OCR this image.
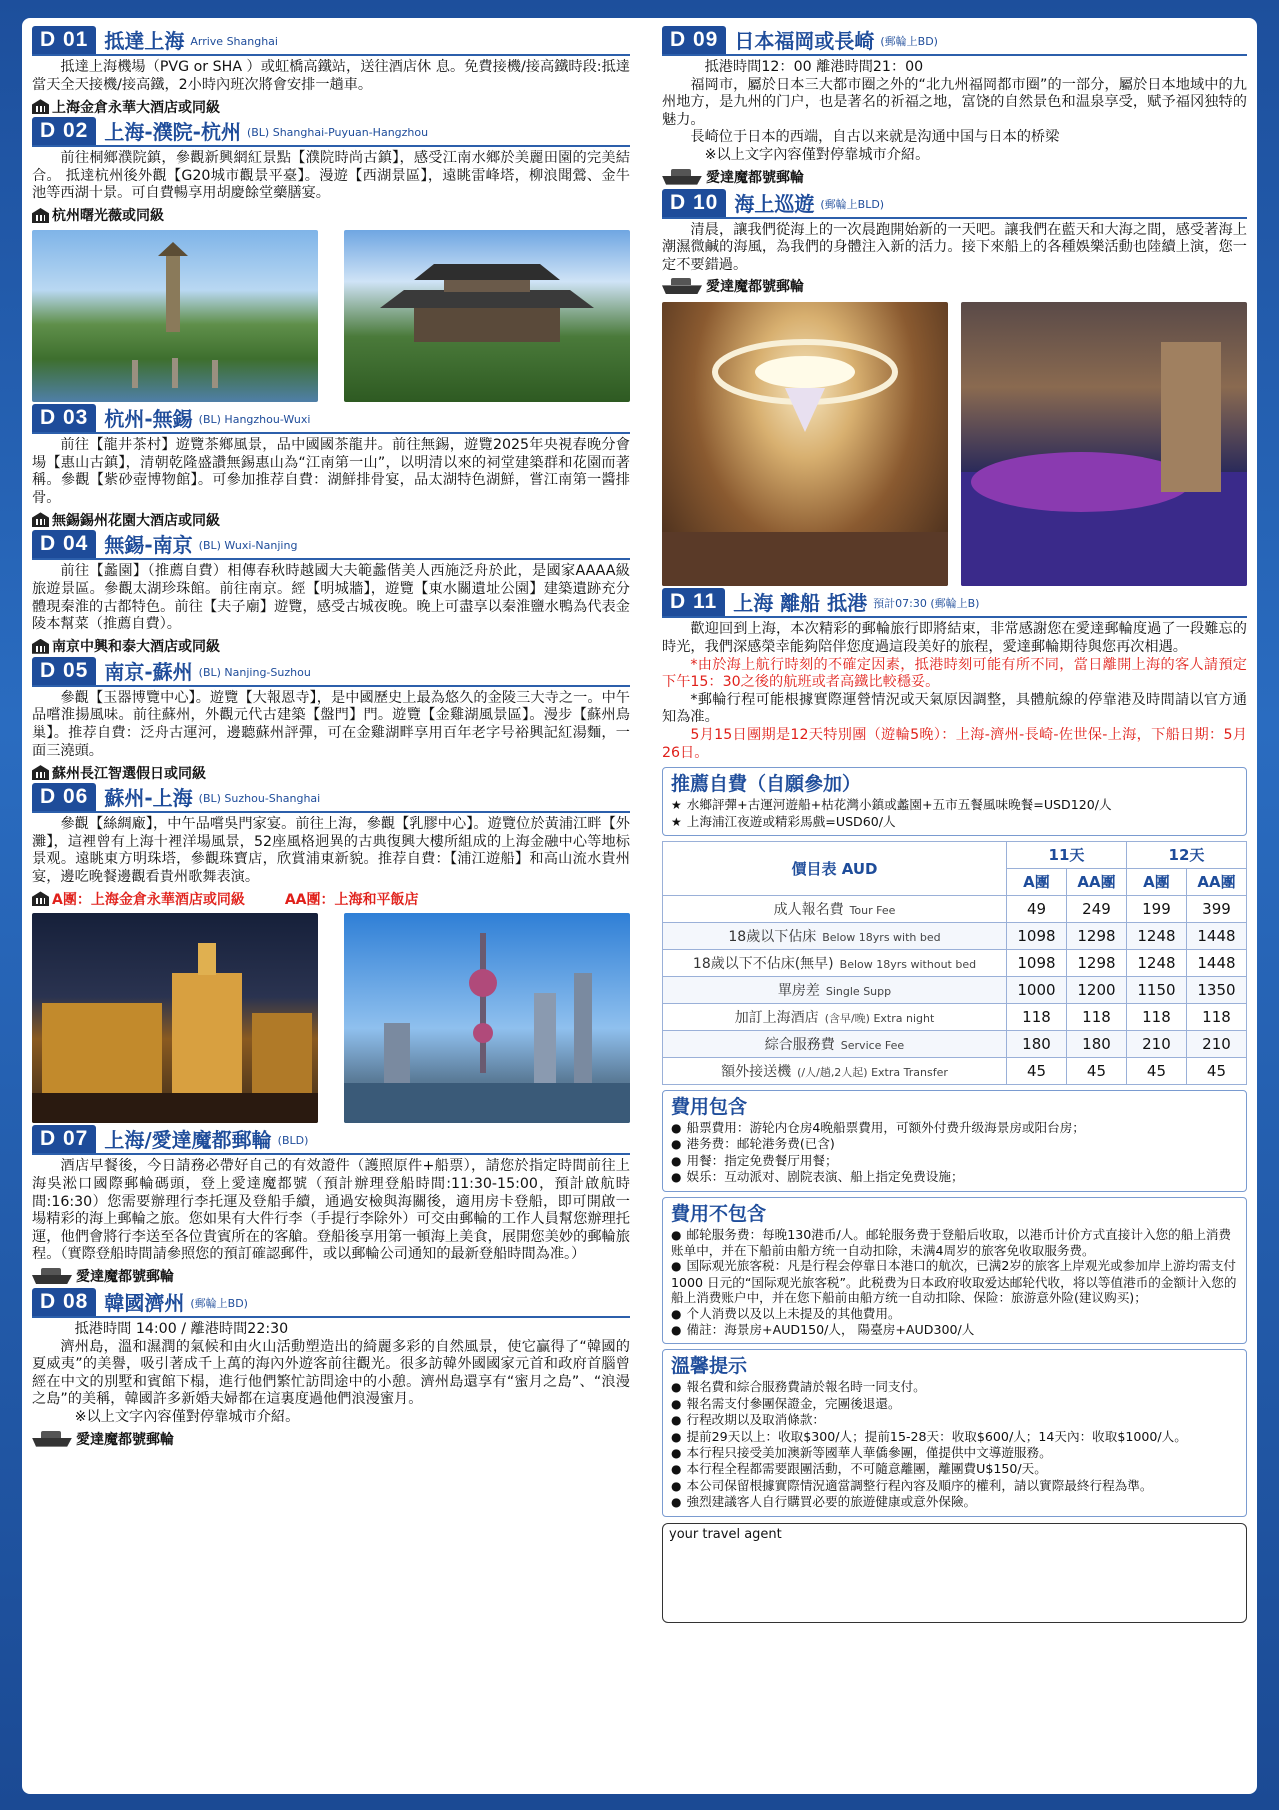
D 01 抵達上海 Arrive Shanghai

抵達上海機場（PVG or SHA ）或虹橋高鐵站，送往酒店休 息。免費接機/接高鐵時段:抵達當天全天接機/接高鐵，2小時內班次將會安排一趟車。

上海金倉永華大酒店或同級
D 02 上海-濮院-杭州 (BL) Shanghai-Puyuan-Hangzhou

前往桐鄉濮院鎮，參觀新興網紅景點【濮院時尚古鎮】，感受江南水鄉於美麗田園的完美結合。 抵達杭州後外觀【G20城市觀景平臺】。漫遊【西湖景區】，遠眺雷峰塔，柳浪聞鶯、金牛池等西湖十景。可自費暢享用胡慶餘堂藥膳宴。

杭州曙光薇或同級
D 03 杭州-無錫 (BL) Hangzhou-Wuxi

前往【龍井茶村】遊覽茶鄉風景，品中國國茶龍井。前往無錫，遊覽2025年央視春晚分會場【惠山古鎮】，清朝乾隆盛讚無錫惠山為“江南第一山”，以明清以來的祠堂建築群和花園而著稱。參觀【紫砂壺博物館】。可參加推荐自費：湖鮮排骨宴，品太湖特色湖鮮，嘗江南第一醬排骨。

無錫錫州花園大酒店或同級
D 04 無錫-南京 (BL) Wuxi-Nanjing

前往【蠡園】（推薦自費）相傳春秋時越國大夫範蠡偕美人西施泛舟於此，是國家AAAA級旅遊景區。參觀太湖珍珠館。前往南京。經【明城牆】，遊覽【東水關遺址公園】建築遺跡充分體現秦淮的古都特色。前往【夫子廟】遊覽，感受古城夜晚。晚上可盡享以秦淮鹽水鴨為代表金陵本幫菜（推薦自費）。

南京中興和泰大酒店或同級
D 05 南京-蘇州 (BL) Nanjing-Suzhou

參觀【玉器博覽中心】。遊覽【大報恩寺】，是中國歷史上最為悠久的金陵三大寺之一。中午品嚐淮揚風味。前往蘇州，外觀元代古建築【盤門】門。遊覽【金雞湖風景區】。漫步【蘇州鳥巢】。推荐自費：泛舟古運河，邊聽蘇州評彈，可在金雞湖畔享用百年老字号裕興記紅湯麵，一面三澆頭。

蘇州長江智選假日或同級
D 06 蘇州-上海 (BL) Suzhou-Shanghai

參觀【絲綢廠】，中午品嚐吳門家宴。前往上海，參觀【乳膠中心】。遊覽位於黃浦江畔【外灘】，這裡曾有上海十裡洋場風景，52座風格迥異的古典復興大樓所組成的上海金融中心等地标景观。遠眺東方明珠塔，參觀珠寶店，欣賞浦東新貌。推荐自費：【浦江遊船】和高山流水貴州宴，邊吃晚餐邊觀看貴州歌舞表演。

A團：上海金倉永華酒店或同級	AA團：上海和平飯店
D 07 上海/愛達魔都郵輪 (BLD)

酒店早餐後，今日請務必帶好自己的有效證件（護照原件+船票），請您於指定時間前往上海吳淞口國際郵輪碼頭，登上愛達魔都號（預計辦理登船時間:11:30-15:00，預計啟航時間:16:30）您需要辦理行李托運及登船手續，通過安檢與海關後，適用房卡登船，即可開啟一場精彩的海上郵輪之旅。您如果有大件行李（手提行李除外）可交由郵輪的工作人員幫您辦理托運，他們會將行李送至各位貴賓所在的客艙。登船後享用第一頓海上美食，展開您美妙的郵輪旅程。（實際登船時間請參照您的預訂確認郵件，或以郵輪公司通知的最新登船時間為准。）

愛達魔都號郵輪
D 08 韓國濟州 (郵輪上BD)

抵港時間 14:00 / 離港時間22:30

濟州島，溫和濕潤的氣候和由火山活動塑造出的綺麗多彩的自然風景，使它贏得了“韓國的夏威夷”的美譽，吸引著成千上萬的海內外遊客前往觀光。很多訪韓外國國家元首和政府首腦曾經在中文的別墅和賓館下榻，進行他們繁忙訪問途中的小憩。濟州島還享有“蜜月之島”、“浪漫之島”的美稱，韓國許多新婚夫婦都在這裏度過他們浪漫蜜月。

※以上文字內容僅對停靠城市介紹。

愛達魔都號郵輪
D 09 日本福岡或長崎 (郵輪上BD)

抵港時間12：00 離港時間21：00

福岡市，屬於日本三大都市圈之外的“北九州福岡都市圈”的一部分，屬於日本地域中的九州地方，是九州的门户，也是著名的祈福之地，富饶的自然景色和温泉享受，赋予福冈独特的魅力。

長崎位于日本的西端，自古以来就是沟通中国与日本的桥梁

※以上文字內容僅對停靠城市介紹。

愛達魔都號郵輪
D 10 海上巡遊 (郵輪上BLD)

清晨，讓我們從海上的一次晨跑開始新的一天吧。讓我們在藍天和大海之間，感受著海上潮濕微鹹的海風，為我們的身體注入新的活力。接下來船上的各種娛樂活動也陸續上演，您一定不要錯過。

愛達魔都號郵輪
D 11 上海 離船 抵港 預計07:30 (郵輪上B)

歡迎回到上海，本次精彩的郵輪旅行即將結束，非常感謝您在愛達郵輪度過了一段難忘的時光，我們深感榮幸能夠陪伴您度過這段美好的旅程，愛達郵輪期待與您再次相遇。

*由於海上航行時刻的不確定因素，抵港時刻可能有所不同，當日離開上海的客人請預定下午15：30之後的航班或者高鐵比較穩妥。

*郵輪行程可能根據實際運營情況或天氣原因調整，具體航線的停靠港及時間請以官方通知為准。

5月15日團期是12天特別團（遊輪5晚）：上海-濟州-長崎-佐世保-上海，下船日期：5月26日。

推薦自費（自願參加）
★ 水鄉評彈+古運河遊船+枯花灣小鎮或蠡園+五市五餐風味晚餐=USD120/人
★ 上海浦江夜遊或精彩馬戲=USD60/人
價目表 AUD	11天		12天	
	A團	AA團	A團	AA團
成人報名費 Tour Fee	49	249	199	399
18歲以下佔床 Below 18yrs with bed	1098	1298	1248	1448
18歲以下不佔床(無早) Below 18yrs without bed	1098	1298	1248	1448
單房差 Single Supp	1000	1200	1150	1350
加訂上海酒店 (含早/晚) Extra night	118	118	118	118
綜合服務費 Service Fee	180	180	210	210
額外接送機 (/人/趟,2人起) Extra Transfer	45	45	45	45
費用包含
● 船票費用：游轮内仓房4晚船票費用，可额外付费升级海景房或阳台房；
● 港务费：邮轮港务费(已含)
● 用餐：指定免费餐厅用餐；
● 娱乐：互动派对、剧院表演、船上指定免费设施；
費用不包含
● 邮轮服务费：每晚130港币/人。邮轮服务费于登船后收取，以港币计价方式直接计入您的船上消费账单中，并在下船前由船方统一自动扣除，未满4周岁的旅客免收取服务费。
● 国际观光旅客税：凡是行程会停靠日本港口的航次，已满2岁的旅客上岸观光或参加岸上游均需支付1000 日元的“国际观光旅客税”。此税费为日本政府收取爱达邮轮代收，将以等值港币的金额计入您的船上消费账户中，并在您下船前由船方统一自动扣除、保险：旅游意外险(建议购买)；
● 个人消费以及以上未提及的其他費用。
● 備註：海景房+AUD150/人， 陽臺房+AUD300/人
溫馨提示
● 報名費和綜合服務費請於報名時一同支付。
● 報名需支付參團保證金，完團後退還。
● 行程改期以及取消條款：
● 提前29天以上：收取$300/人；提前15-28天：收取$600/人；14天內：收取$1000/人。
● 本行程只接受美加澳新等國華人華僑參團，僅提供中文導遊服務。
● 本行程全程都需要跟團活動，不可隨意離團，離團費U$150/天。
● 本公司保留根據實際情況適當調整行程內容及順序的權利，請以實際最終行程為準。
● 強烈建議客人自行購買必要的旅遊健康或意外保險。
your travel agent
